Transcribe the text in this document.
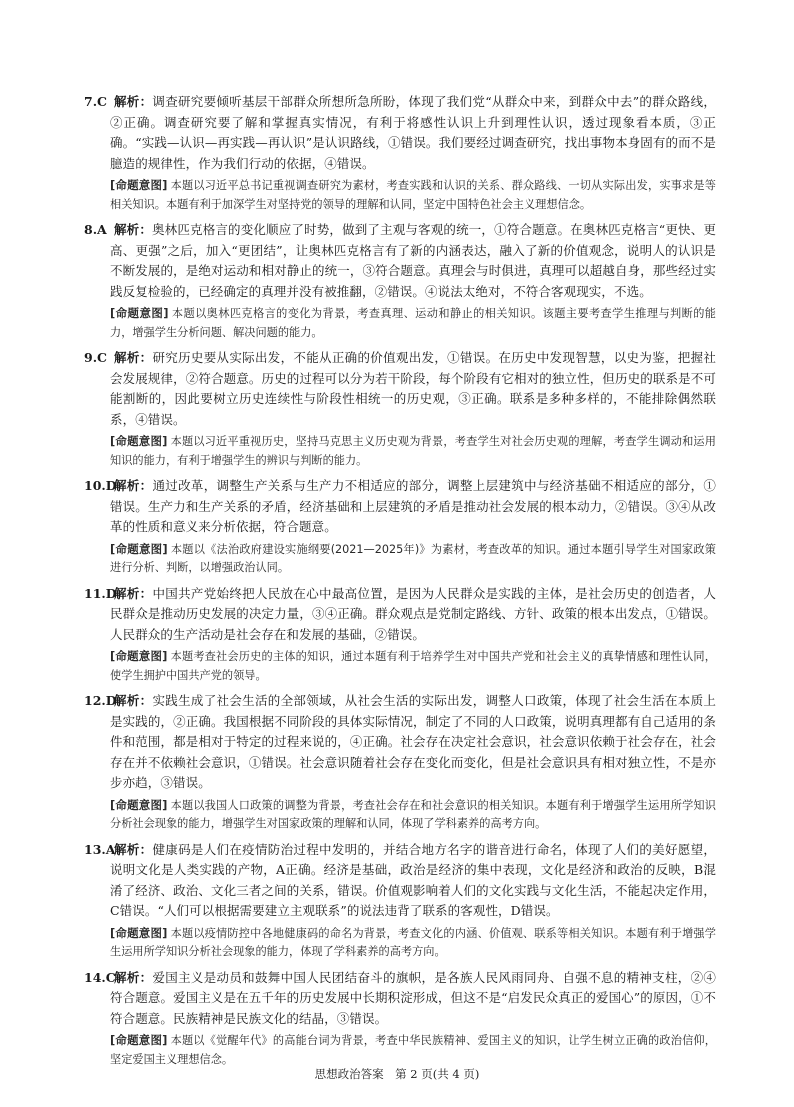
7.C 解析：调查研究要倾听基层干部群众所想所急所盼，体现了我们党“从群众中来，到群众中去”的群众路线，②正确。调查研究要了解和掌握真实情况，有利于将感性认识上升到理性认识，透过现象看本质，③正确。“实践—认识—再实践—再认识”是认识路线，①错误。我们要经过调查研究，找出事物本身固有的而不是臆造的规律性，作为我们行动的依据，④错误。
[命题意图] 本题以习近平总书记重视调查研究为素材，考查实践和认识的关系、群众路线、一切从实际出发，实事求是等相关知识。本题有利于加深学生对坚持党的领导的理解和认同，坚定中国特色社会主义理想信念。
8.A 解析：奥林匹克格言的变化顺应了时势，做到了主观与客观的统一，①符合题意。在奥林匹克格言“更快、更高、更强”之后，加入“更团结”，让奥林匹克格言有了新的内涵表达，融入了新的价值观念，说明人的认识是不断发展的，是绝对运动和相对静止的统一，③符合题意。真理会与时俱进，真理可以超越自身，那些经过实践反复检验的，已经确定的真理并没有被推翻，②错误。④说法太绝对，不符合客观现实，不选。
[命题意图] 本题以奥林匹克格言的变化为背景，考查真理、运动和静止的相关知识。该题主要考查学生推理与判断的能力，增强学生分析问题、解决问题的能力。
9.C 解析：研究历史要从实际出发，不能从正确的价值观出发，①错误。在历史中发现智慧，以史为鉴，把握社会发展规律，②符合题意。历史的过程可以分为若干阶段，每个阶段有它相对的独立性，但历史的联系是不可能割断的，因此要树立历史连续性与阶段性相统一的历史观，③正确。联系是多种多样的，不能排除偶然联系，④错误。
[命题意图] 本题以习近平重视历史，坚持马克思主义历史观为背景，考查学生对社会历史观的理解，考查学生调动和运用知识的能力，有利于增强学生的辨识与判断的能力。
10.D
解析：通过改革，调整生产关系与生产力不相适应的部分，调整上层建筑中与经济基础不相适应的部分，①错误。生产力和生产关系的矛盾，经济基础和上层建筑的矛盾是推动社会发展的根本动力，②错误。③④从改革的性质和意义来分析依据，符合题意。
[命题意图] 本题以《法治政府建设实施纲要(2021—2025年)》为素材，考查改革的知识。通过本题引导学生对国家政策进行分析、判断，以增强政治认同。
11.D
解析：中国共产党始终把人民放在心中最高位置，是因为人民群众是实践的主体，是社会历史的创造者，人民群众是推动历史发展的决定力量，③④正确。群众观点是党制定路线、方针、政策的根本出发点，①错误。人民群众的生产活动是社会存在和发展的基础，②错误。
[命题意图] 本题考查社会历史的主体的知识，通过本题有利于培养学生对中国共产党和社会主义的真挚情感和理性认同，使学生拥护中国共产党的领导。
12.D
解析：实践生成了社会生活的全部领域，从社会生活的实际出发，调整人口政策，体现了社会生活在本质上是实践的，②正确。我国根据不同阶段的具体实际情况，制定了不同的人口政策，说明真理都有自己适用的条件和范围，都是相对于特定的过程来说的，④正确。社会存在决定社会意识，社会意识依赖于社会存在，社会存在并不依赖社会意识，①错误。社会意识随着社会存在变化而变化，但是社会意识具有相对独立性，不是亦步亦趋，③错误。
[命题意图] 本题以我国人口政策的调整为背景，考查社会存在和社会意识的相关知识。本题有利于增强学生运用所学知识分析社会现象的能力，增强学生对国家政策的理解和认同，体现了学科素养的高考方向。
13.A
解析：健康码是人们在疫情防治过程中发明的，并结合地方名字的谐音进行命名，体现了人们的美好愿望，说明文化是人类实践的产物，A正确。经济是基础，政治是经济的集中表现，文化是经济和政治的反映，B混淆了经济、政治、文化三者之间的关系，错误。价值观影响着人们的文化实践与文化生活，不能起决定作用，C错误。“人们可以根据需要建立主观联系”的说法违背了联系的客观性，D错误。
[命题意图] 本题以疫情防控中各地健康码的命名为背景，考查文化的内涵、价值观、联系等相关知识。本题有利于增强学生运用所学知识分析社会现象的能力，体现了学科素养的高考方向。
14.C
解析：爱国主义是动员和鼓舞中国人民团结奋斗的旗帜，是各族人民风雨同舟、自强不息的精神支柱，②④符合题意。爱国主义是在五千年的历史发展中长期积淀形成，但这不是“启发民众真正的爱国心”的原因，①不符合题意。民族精神是民族文化的结晶，③错误。
[命题意图] 本题以《觉醒年代》的高能台词为背景，考查中华民族精神、爱国主义的知识，让学生树立正确的政治信仰，坚定爱国主义理想信念。
思想政治答案　第 2 页(共 4 页)
